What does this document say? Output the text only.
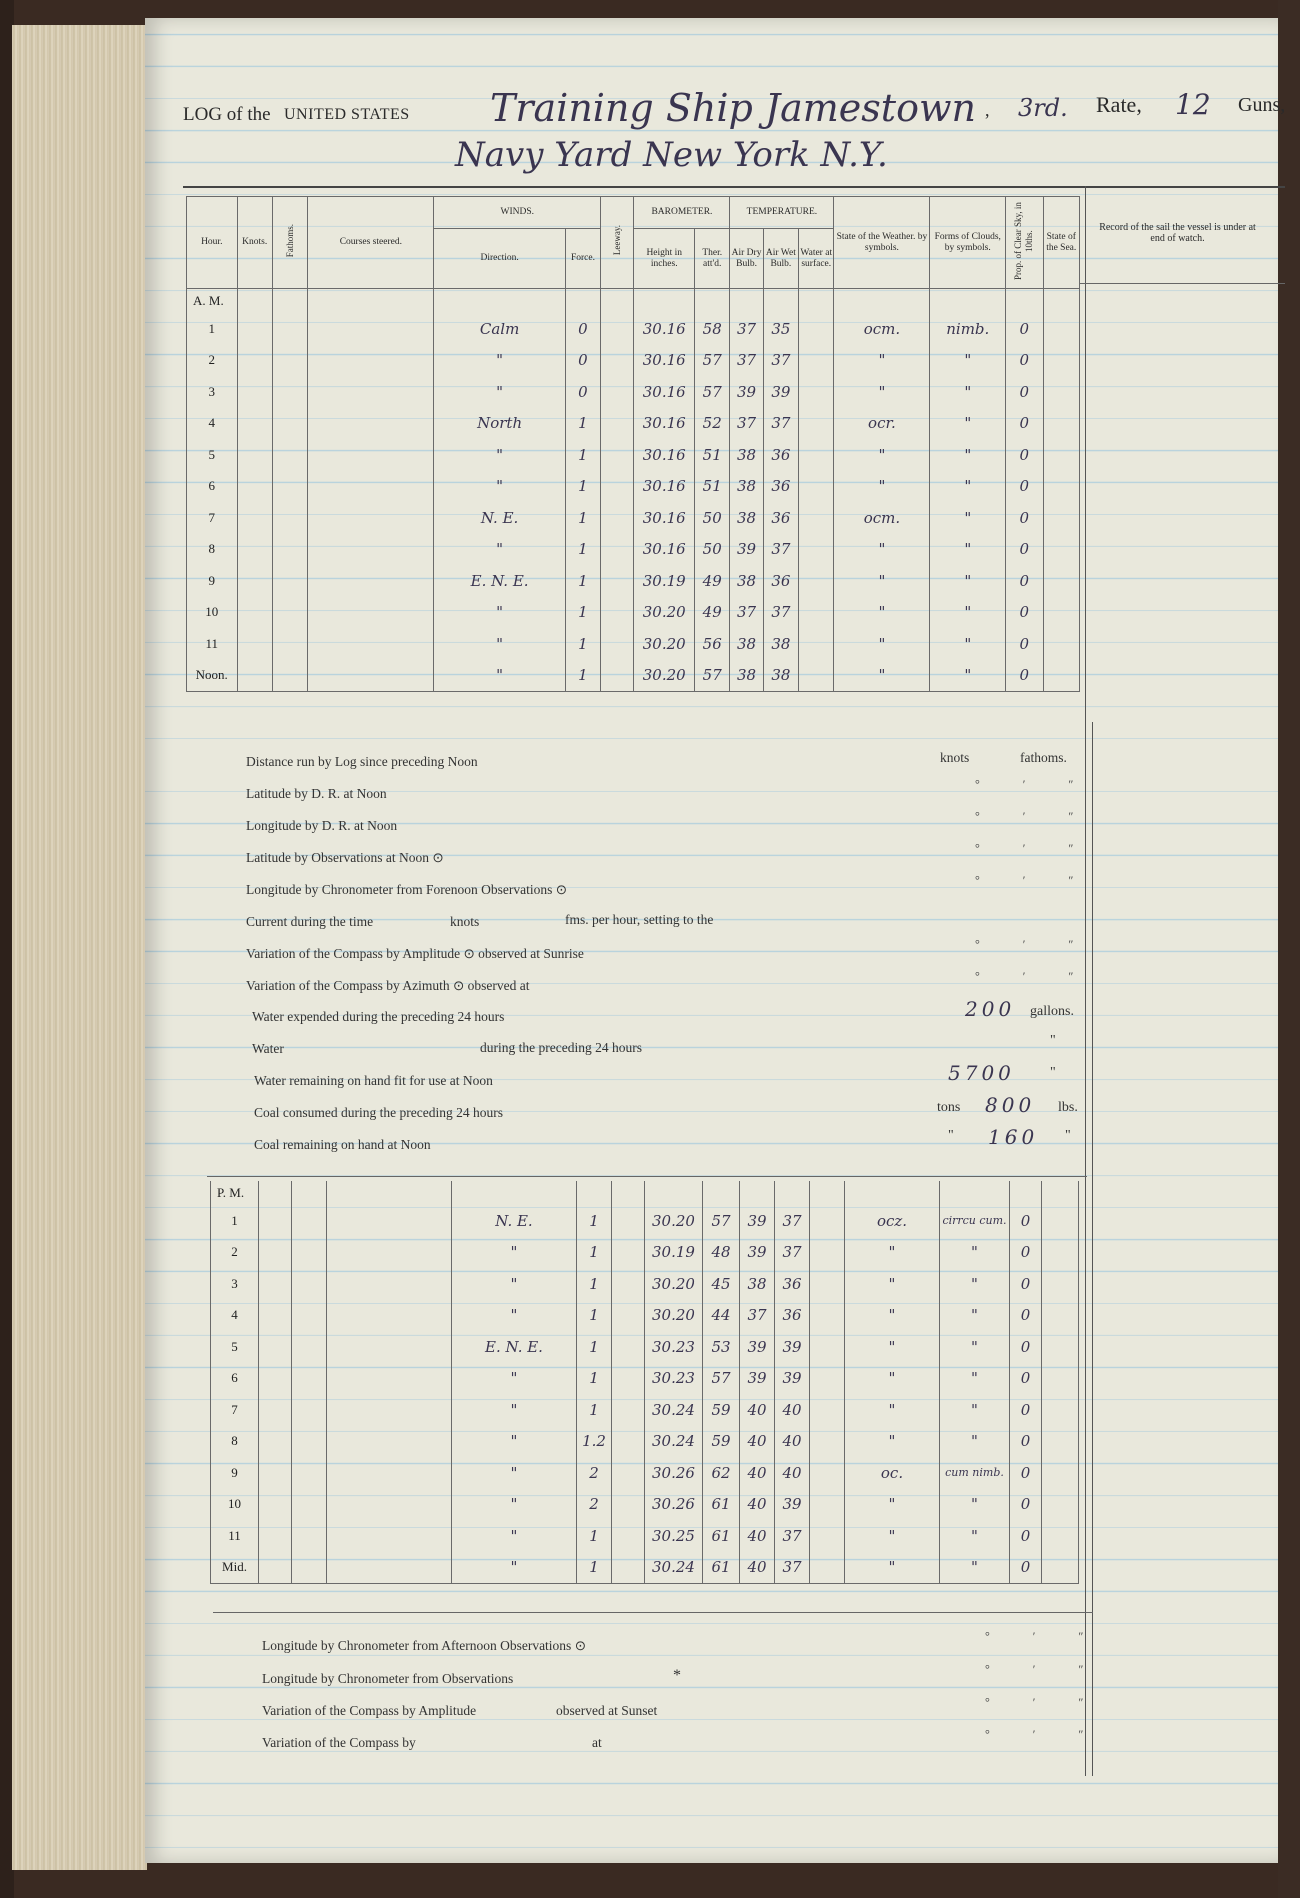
LOG of the UNITED STATES Training Ship Jamestown , 3rd. Rate, 12 Guns,
Navy Yard New York N.Y.
Record of the sail the vessel is under at end of watch.
Hour.	Knots.	Fathoms.	Courses steered.	WINDS.		Leeway.	BAROMETER.		TEMPERATURE.			State of the Weather. by symbols.	Forms of Clouds, by symbols.	Prop. of Clear Sky, in 10ths.	State of the Sea.
				Direction.	Force.		Height in inches.	Ther. att'd.	Air Dry Bulb.	Air Wet Bulb.	Water at surface.				
A. M.															
1				Calm	0		30.16	58	37	35		ocm.	nimb.	0	
2				"	0		30.16	57	37	37		"	"	0	
3				"	0		30.16	57	39	39		"	"	0	
4				North	1		30.16	52	37	37		ocr.	"	0	
5				"	1		30.16	51	38	36		"	"	0	
6				"	1		30.16	51	38	36		"	"	0	
7				N. E.	1		30.16	50	38	36		ocm.	"	0	
8				"	1		30.16	50	39	37		"	"	0	
9				E. N. E.	1		30.19	49	38	36		"	"	0	
10				"	1		30.20	49	37	37		"	"	0	
11				"	1		30.20	56	38	38		"	"	0	
Noon.				"	1		30.20	57	38	38		"	"	0	
Distance run by Log since preceding Noon	knots	fathoms.
Latitude by D. R. at Noon
° ′ ″
Longitude by D. R. at Noon
° ′ ″
Latitude by Observations at Noon ⊙
° ′ ″
Longitude by Chronometer from Forenoon Observations ⊙
° ′ ″
Current during the time	knots	fms. per hour, setting to the
Variation of the Compass by Amplitude ⊙ observed at Sunrise
° ′ ″
Variation of the Compass by Azimuth ⊙ observed at
° ′ ″
Water expended during the preceding 24 hours	200 gallons.
Water	during the preceding 24 hours	"
Water remaining on hand fit for use at Noon	5700	"
Coal consumed during the preceding 24 hours	tons 800 lbs.
Coal remaining on hand at Noon
" 160 "
P. M.															
1				N. E.	1		30.20	57	39	37		ocz.	cirrcu cum.	0	
2				"	1		30.19	48	39	37		"	"	0	
3				"	1		30.20	45	38	36		"	"	0	
4				"	1		30.20	44	37	36		"	"	0	
5				E. N. E.	1		30.23	53	39	39		"	"	0	
6				"	1		30.23	57	39	39		"	"	0	
7				"	1		30.24	59	40	40		"	"	0	
8				"	1.2		30.24	59	40	40		"	"	0	
9				"	2		30.26	62	40	40		oc.	cum nimb.	0	
10				"	2		30.26	61	40	39		"	"	0	
11				"	1		30.25	61	40	37		"	"	0	
Mid.				"	1		30.24	61	40	37		"	"	0	
Longitude by Chronometer from Afternoon Observations ⊙
° ′ ″
Longitude by Chronometer from Observations	*	° ′ ″
Variation of the Compass by Amplitude	observed at Sunset
° ′ ″
Variation of the Compass by	at
° ′ ″
